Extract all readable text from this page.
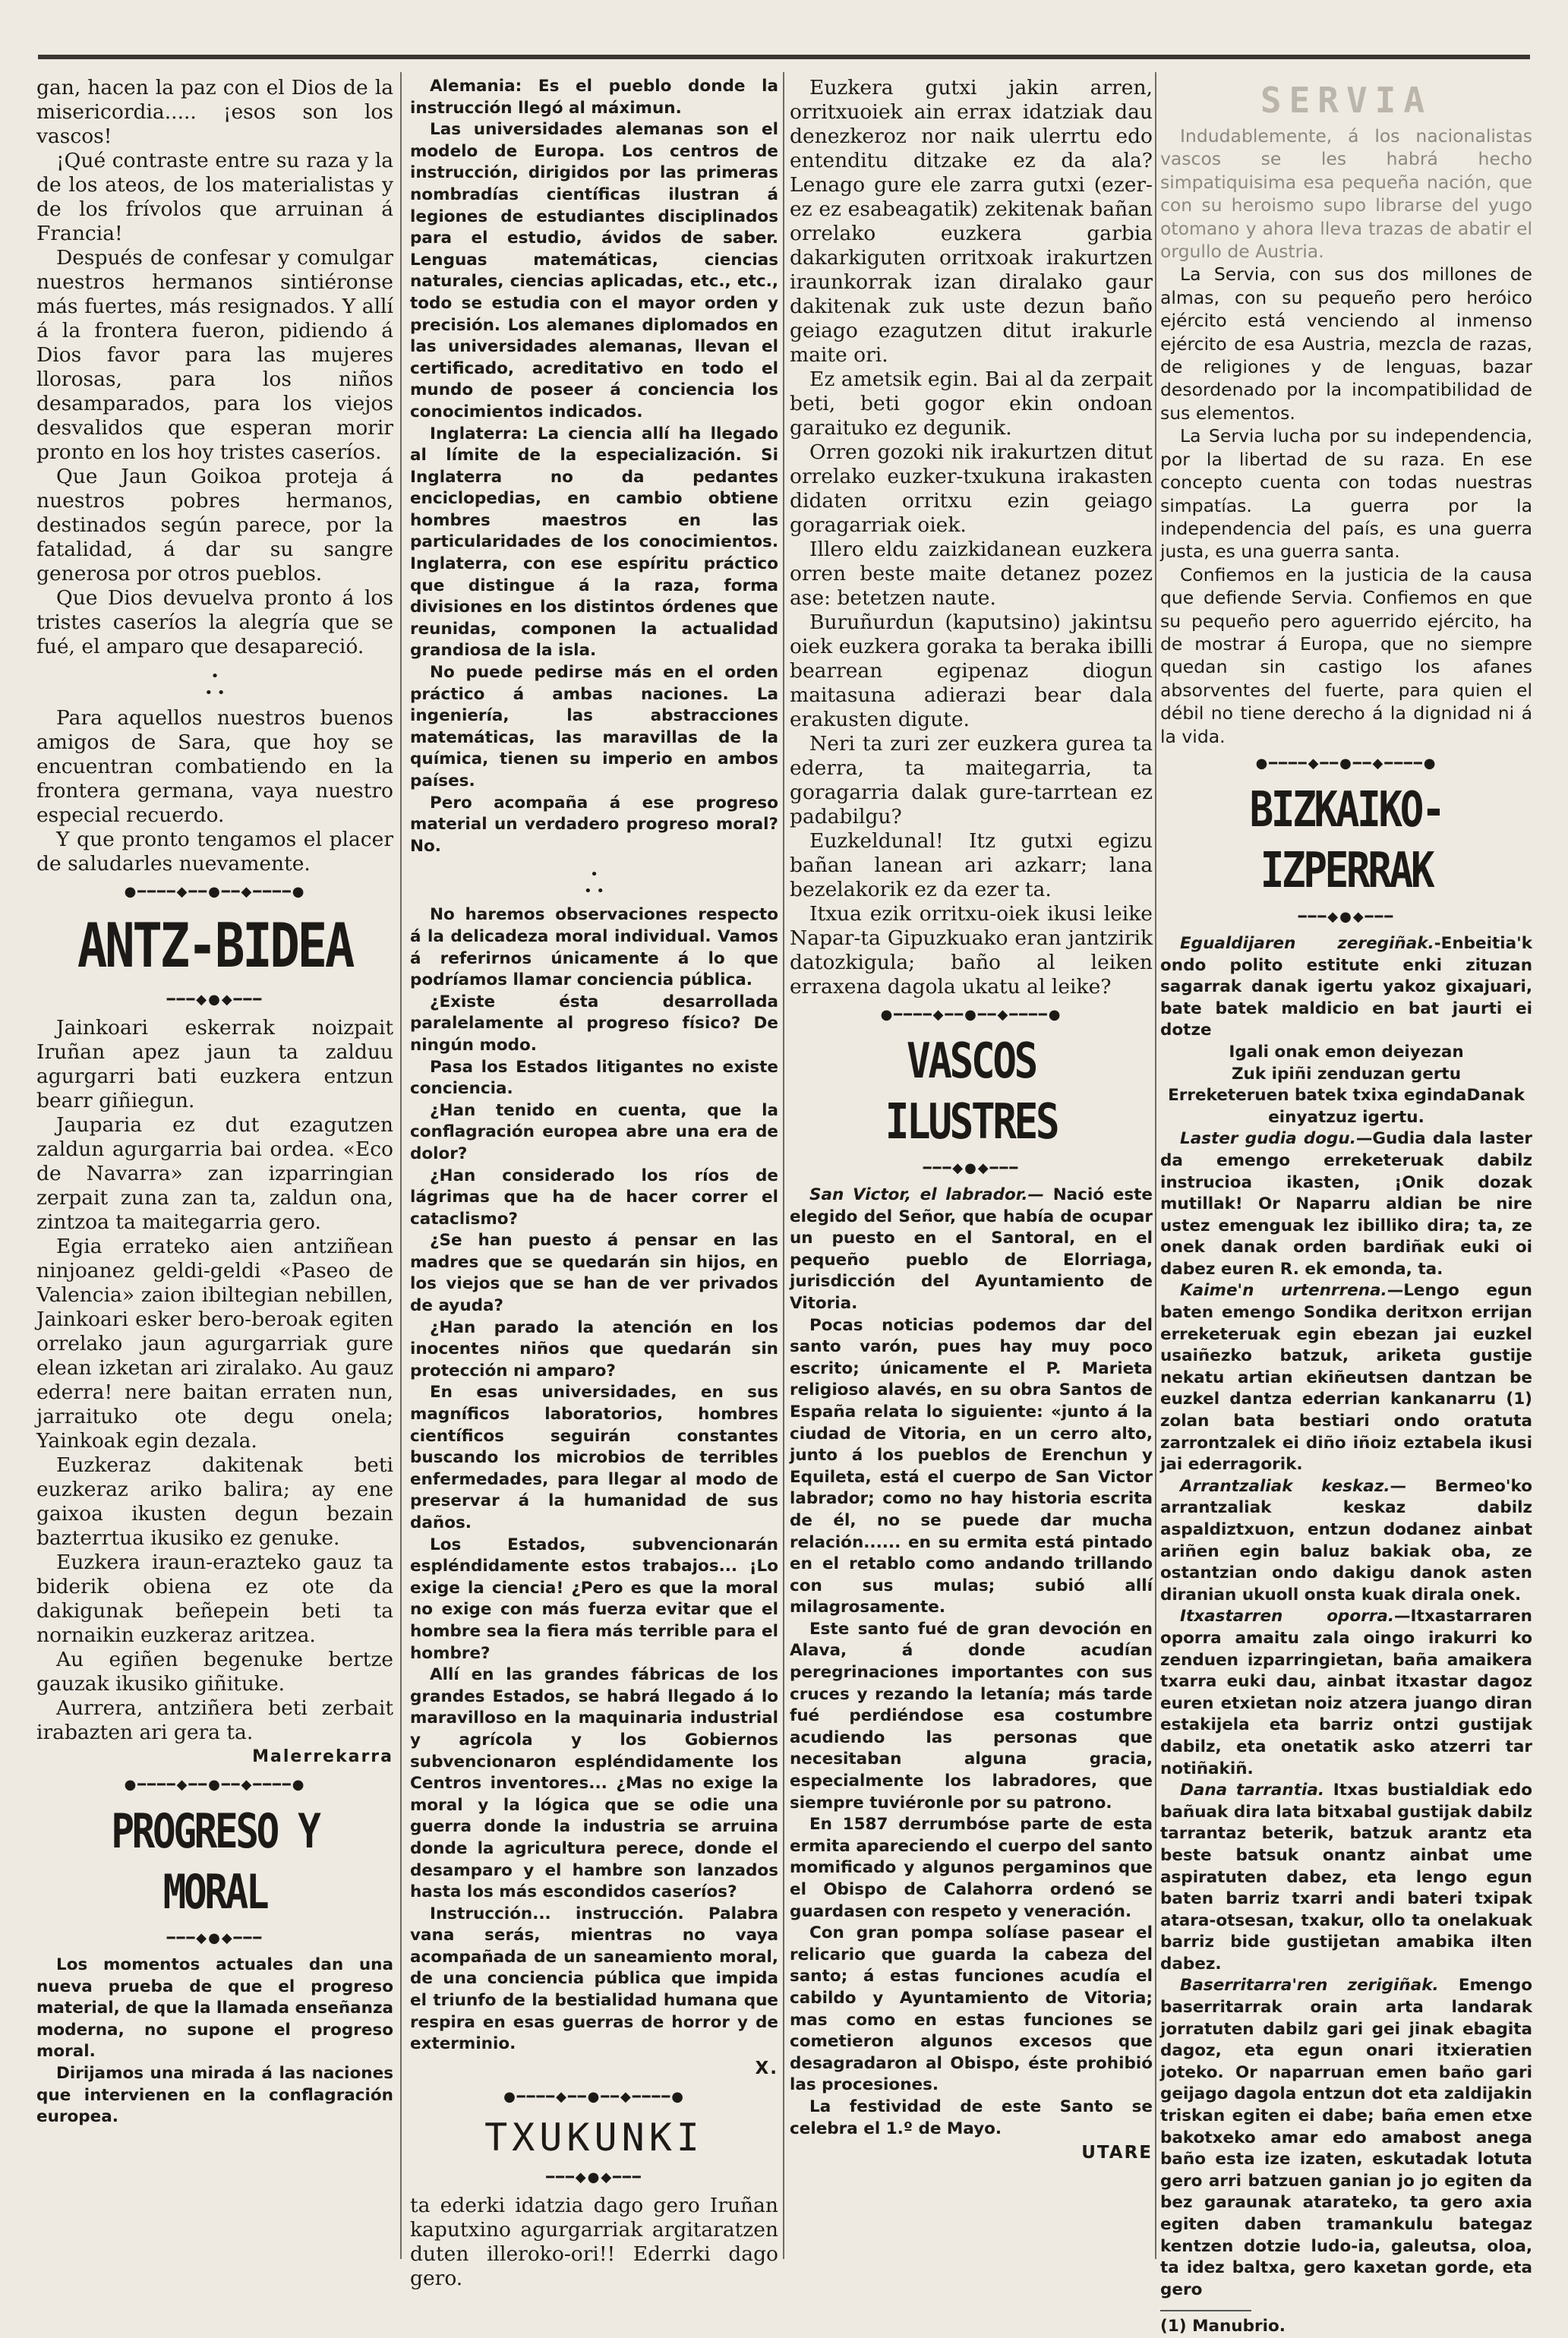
gan, hacen la paz con el Dios de la misericordia..... ¡esos son los vascos!

¡Qué contraste entre su raza y la de los ateos, de los materialistas y de los frívolos que arruinan á Francia!

Después de confesar y comulgar nuestros hermanos sintiéronse más fuertes, más resignados. Y allí á la frontera fueron, pidiendo á Dios favor para las mujeres llorosas, para los niños desamparados, para los viejos desvalidos que esperan morir pronto en los hoy tristes caseríos.

Que Jaun Goikoa proteja á nuestros pobres hermanos, destinados según parece, por la fatalidad, á dar su sangre generosa por otros pueblos.

Que Dios devuelva pronto á los tristes caseríos la alegría que se fué, el amparo que desapareció.

•
• •

Para aquellos nuestros buenos amigos de Sara, que hoy se encuentran combatiendo en la frontera germana, vaya nuestro especial recuerdo.

Y que pronto tengamos el placer de saludarles nuevamente.

●━━━━◆━━●━━◆━━━━●
ANTZ-BIDEA
━━━◆●◆━━━

Jainkoari eskerrak noizpait Iruñan apez jaun ta zalduu agurgarri bati euzkera entzun bearr giñiegun.

Jauparia ez dut ezagutzen zaldun agurgarria bai ordea. «Eco de Navarra» zan izparringian zerpait zuna zan ta, zaldun ona, zintzoa ta maitegarria gero.

Egia errateko aien antziñean ninjoanez geldi-geldi «Paseo de Valencia» zaion ibiltegian nebillen, Jainkoari esker bero-beroak egiten orrelako jaun agurgarriak gure elean izketan ari ziralako. Au gauz ederra! nere baitan erraten nun, jarraituko ote degu onela; Yainkoak egin dezala.

Euzkeraz dakitenak beti euzkeraz ariko balira; ay ene gaixoa ikusten degun bezain bazterrtua ikusiko ez genuke.

Euzkera iraun-erazteko gauz ta biderik obiena ez ote da dakigunak beñepein beti ta nornaikin euzkeraz aritzea.

Au egiñen begenuke bertze gauzak ikusiko giñituke.

Aurrera, antziñera beti zerbait irabazten ari gera ta.

Malerrekarra

●━━━━◆━━●━━◆━━━━●
PROGRESO Y MORAL
━━━◆●◆━━━

Los momentos actuales dan una nueva prueba de que el progreso material, de que la llamada enseñanza moderna, no supone el progreso moral.

Dirijamos una mirada á las naciones que intervienen en la conflagración europea.

Alemania: Es el pueblo donde la instrucción llegó al máximun.

Las universidades alemanas son el modelo de Europa. Los centros de instrucción, dirigidos por las primeras nombradías científicas ilustran á legiones de estudiantes disciplinados para el estudio, ávidos de saber. Lenguas matemáticas, ciencias naturales, ciencias aplicadas, etc., etc., todo se estudia con el mayor orden y precisión. Los alemanes diplomados en las universidades alemanas, llevan el certificado, acreditativo en todo el mundo de poseer á conciencia los conocimientos indicados.

Inglaterra: La ciencia allí ha llegado al límite de la especialización. Si Inglaterra no da pedantes enciclopedias, en cambio obtiene hombres maestros en las particularidades de los conocimientos. Inglaterra, con ese espíritu práctico que distingue á la raza, forma divisiones en los distintos órdenes que reunidas, componen la actualidad grandiosa de la isla.

No puede pedirse más en el orden práctico á ambas naciones. La ingeniería, las abstracciones matemáticas, las maravillas de la química, tienen su imperio en ambos países.

Pero acompaña á ese progreso material un verdadero progreso moral? No.

•
• •

No haremos observaciones respecto á la delicadeza moral individual. Vamos á referirnos únicamente á lo que podríamos llamar conciencia pública.

¿Existe ésta desarrollada paralelamente al progreso físico? De ningún modo.

Pasa los Estados litigantes no existe conciencia.

¿Han tenido en cuenta, que la conflagración europea abre una era de dolor?

¿Han considerado los ríos de lágrimas que ha de hacer correr el cataclismo?

¿Se han puesto á pensar en las madres que se quedarán sin hijos, en los viejos que se han de ver privados de ayuda?

¿Han parado la atención en los inocentes niños que quedarán sin protección ni amparo?

En esas universidades, en sus magníficos laboratorios, hombres científicos seguirán constantes buscando los microbios de terribles enfermedades, para llegar al modo de preservar á la humanidad de sus daños.

Los Estados, subvencionarán espléndidamente estos trabajos... ¡Lo exige la ciencia! ¿Pero es que la moral no exige con más fuerza evitar que el hombre sea la fiera más terrible para el hombre?

Allí en las grandes fábricas de los grandes Estados, se habrá llegado á lo maravilloso en la maquinaria industrial y agrícola y los Gobiernos subvencionaron espléndidamente los Centros inventores... ¿Mas no exige la moral y la lógica que se odie una guerra donde la industria se arruina donde la agricultura perece, donde el desamparo y el hambre son lanzados hasta los más escondidos caseríos?

Instrucción... instrucción. Palabra vana serás, mientras no vaya acompañada de un saneamiento moral, de una conciencia pública que impida el triunfo de la bestialidad humana que respira en esas guerras de horror y de exterminio.

X.

●━━━━◆━━●━━◆━━━━●
TXUKUNKI
━━━◆●◆━━━

ta ederki idatzia dago gero Iruñan kaputxino agurgarriak argitaratzen duten illeroko-ori!! Ederrki dago gero.

Euzkera gutxi jakin arren, orritxuoiek ain errax idatziak dau denezkeroz nor naik ulerrtu edo entenditu ditzake ez da ala? Lenago gure ele zarra gutxi (ezer-ez ez esabeagatik) zekitenak bañan orrelako euzkera garbia dakarkiguten orritxoak irakurtzen iraunkorrak izan diralako gaur dakitenak zuk uste dezun baño geiago ezagutzen ditut irakurle maite ori.

Ez ametsik egin. Bai al da zerpait beti, beti gogor ekin ondoan garaituko ez degunik.

Orren gozoki nik irakurtzen ditut orrelako euzker-txukuna irakasten didaten orritxu ezin geiago goragarriak oiek.

Illero eldu zaizkidanean euzkera orren beste maite detanez pozez ase: betetzen naute.

Buruñurdun (kaputsino) jakintsu oiek euzkera goraka ta beraka ibilli bearrean egipenaz diogun maitasuna adierazi bear dala erakusten digute.

Neri ta zuri zer euzkera gurea ta ederra, ta maitegarria, ta goragarria dalak gure-tarrtean ez padabilgu?

Euzkeldunal! Itz gutxi egizu bañan lanean ari azkarr; lana bezelakorik ez da ezer ta.

Itxua ezik orritxu-oiek ikusi leike Napar-ta Gipuzkuako eran jantzirik datozkigula; baño al leiken erraxena dagola ukatu al leike?

●━━━━◆━━●━━◆━━━━●
VASCOS ILUSTRES
━━━◆●◆━━━

San Victor, el labrador.— Nació este elegido del Señor, que había de ocupar un puesto en el Santoral, en el pequeño pueblo de Elorriaga, jurisdicción del Ayuntamiento de Vitoria.

Pocas noticias podemos dar del santo varón, pues hay muy poco escrito; únicamente el P. Marieta religioso alavés, en su obra Santos de España relata lo siguiente: «junto á la ciudad de Vitoria, en un cerro alto, junto á los pueblos de Erenchun y Equileta, está el cuerpo de San Victor labrador; como no hay historia escrita de él, no se puede dar mucha relación...... en su ermita está pintado en el retablo como andando trillando con sus mulas; subió allí milagrosamente.

Este santo fué de gran devoción en Alava, á donde acudían peregrinaciones importantes con sus cruces y rezando la letanía; más tarde fué perdiéndose esa costumbre acudiendo las personas que necesitaban alguna gracia, especialmente los labradores, que siempre tuviéronle por su patrono.

En 1587 derrumbóse parte de esta ermita apareciendo el cuerpo del santo momificado y algunos pergaminos que el Obispo de Calahorra ordenó se guardasen con respeto y veneración.

Con gran pompa solíase pasear el relicario que guarda la cabeza del santo; á estas funciones acudía el cabildo y Ayuntamiento de Vitoria; mas como en estas funciones se cometieron algunos excesos que desagradaron al Obispo, éste prohibió las procesiones.

La festividad de este Santo se celebra el 1.º de Mayo.

UTARE

SERVIA

Indudablemente, á los nacionalistas vascos se les habrá hecho simpatiquisima esa pequeña nación, que con su heroismo supo librarse del yugo otomano y ahora lleva trazas de abatir el orgullo de Austria.

La Servia, con sus dos millones de almas, con su pequeño pero heróico ejército está venciendo al inmenso ejército de esa Austria, mezcla de razas, de religiones y de lenguas, bazar desordenado por la incompatibilidad de sus elementos.

La Servia lucha por su independencia, por la libertad de su raza. En ese concepto cuenta con todas nuestras simpatías. La guerra por la independencia del país, es una guerra justa, es una guerra santa.

Confiemos en la justicia de la causa que defiende Servia. Confiemos en que su pequeño pero aguerrido ejército, ha de mostrar á Europa, que no siempre quedan sin castigo los afanes absorventes del fuerte, para quien el débil no tiene derecho á la dignidad ni á la vida.

●━━━━◆━━●━━◆━━━━●
BIZKAIKO-IZPERRAK
━━━◆●◆━━━

Egualdijaren zeregiñak.-Enbeitia'k ondo polito estitute enki zituzan sagarrak danak igertu yakoz gixajuari, bate batek maldicio en bat jaurti ei dotze

Igali onak emon deiyezan

Zuk ipiñi zenduzan gertu

Erreketeruen batek txixa egindaDanak einyatzuz igertu.

Laster gudia dogu.—Gudia dala laster da emengo erreketeruak dabilz instrucioa ikasten, ¡Onik dozak mutillak! Or Naparru aldian be nire ustez emenguak lez ibilliko dira; ta, ze onek danak orden bardiñak euki oi dabez euren R. ek emonda, ta.

Kaime'n urtenrrena.—Lengo egun baten emengo Sondika deritxon errijan erreketeruak egin ebezan jai euzkel usaiñezko batzuk, ariketa gustije nekatu artian ekiñeutsen dantzan be euzkel dantza ederrian kankanarru (1) zolan bata bestiari ondo oratuta zarrontzalek ei diño iñoiz eztabela ikusi jai ederragorik.

Arrantzaliak keskaz.— Bermeo'ko arrantzaliak keskaz dabilz aspaldiztxuon, entzun dodanez ainbat ariñen egin baluz bakiak oba, ze ostantzian ondo dakigu danok asten diranian ukuoll onsta kuak dirala onek.

Itxastarren oporra.—Itxastarraren oporra amaitu zala oingo irakurri ko zenduen izparringietan, baña amaikera txarra euki dau, ainbat itxastar dagoz euren etxietan noiz atzera juango diran estakijela eta barriz ontzi gustijak dabilz, eta onetatik asko atzerri tar notiñakiñ.

Dana tarrantia. Itxas bustialdiak edo bañuak dira lata bitxabal gustijak dabilz tarrantaz beterik, batzuk arantz eta beste batsuk onantz ainbat ume aspiratuten dabez, eta lengo egun baten barriz txarri andi bateri txipak atara-otsesan, txakur, ollo ta onelakuak barriz bide gustijetan amabika ilten dabez.

Baserritarra'ren zerigiñak. Emengo baserritarrak orain arta landarak jorratuten dabilz gari gei jinak ebagita dagoz, eta egun onari itxieratien joteko. Or naparruan emen baño gari geijago dagola entzun dot eta zaldijakin triskan egiten ei dabe; baña emen etxe bakotxeko amar edo amabost anega baño esta ize izaten, eskutadak lotuta gero arri batzuen ganian jo jo egiten da bez garaunak atarateko, ta gero axia egiten daben tramankulu bategaz kentzen dotzie ludo-ia, galeutsa, oloa, ta idez baltxa, gero kaxetan gorde, eta gero

(1) Manubrio.
